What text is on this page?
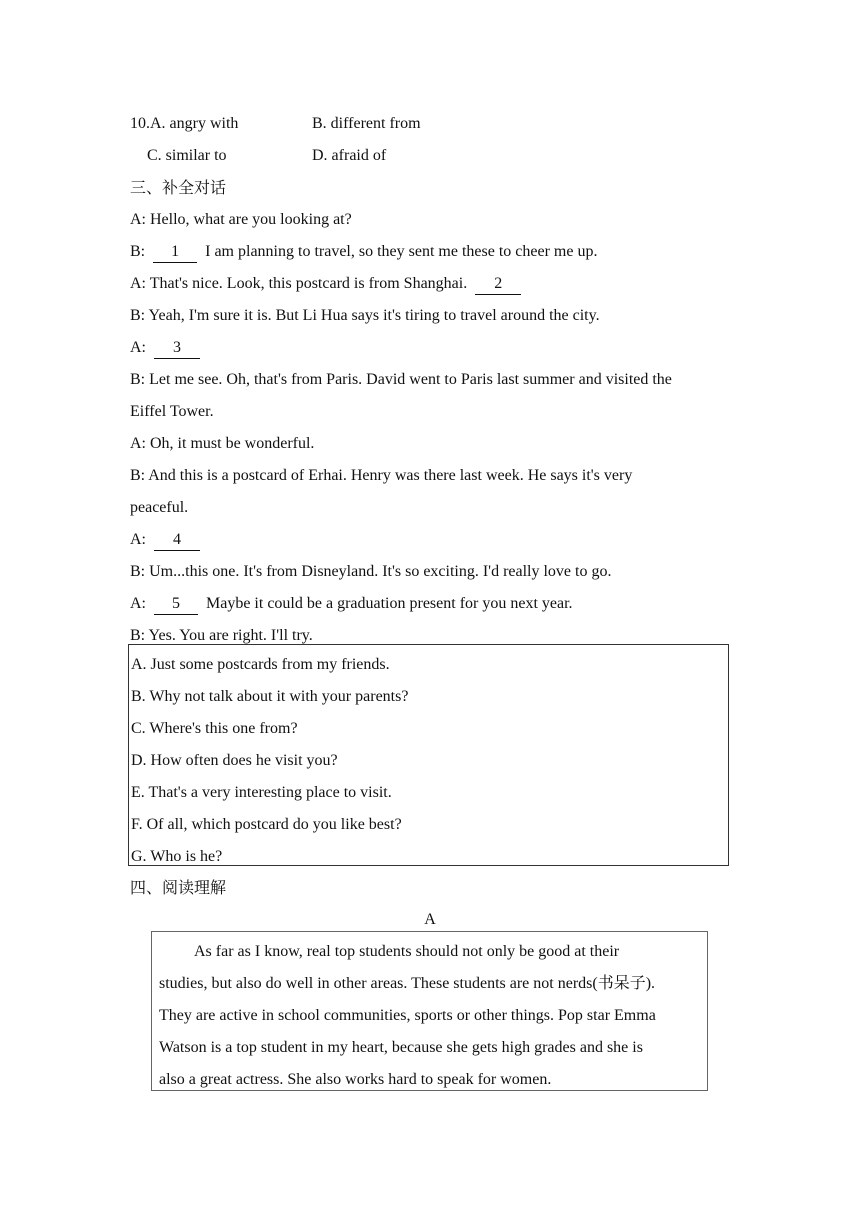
10.A. angry with	B. different from
C. similar to	D. afraid of
三、补全对话
A: Hello, what are you looking at?
B: 1 I am planning to travel, so they sent me these to cheer me up.
A: That's nice. Look, this postcard is from Shanghai. 2
B: Yeah, I'm sure it is. But Li Hua says it's tiring to travel around the city.
A: 3
B: Let me see. Oh, that's from Paris. David went to Paris last summer and visited the
Eiffel Tower.
A: Oh, it must be wonderful.
B: And this is a postcard of Erhai. Henry was there last week. He says it's very
peaceful.
A: 4
B: Um...this one. It's from Disneyland. It's so exciting. I'd really love to go.
A: 5 Maybe it could be a graduation present for you next year.
B: Yes. You are right. I'll try.
A. Just some postcards from my friends.
B. Why not talk about it with your parents?
C. Where's this one from?
D. How often does he visit you?
E. That's a very interesting place to visit.
F. Of all, which postcard do you like best?
G. Who is he?
四、阅读理解
A
As far as I know, real top students should not only be good at their
studies, but also do well in other areas. These students are not nerds(书呆子).
They are active in school communities, sports or other things. Pop star Emma
Watson is a top student in my heart, because she gets high grades and she is
also a great actress. She also works hard to speak for women.
